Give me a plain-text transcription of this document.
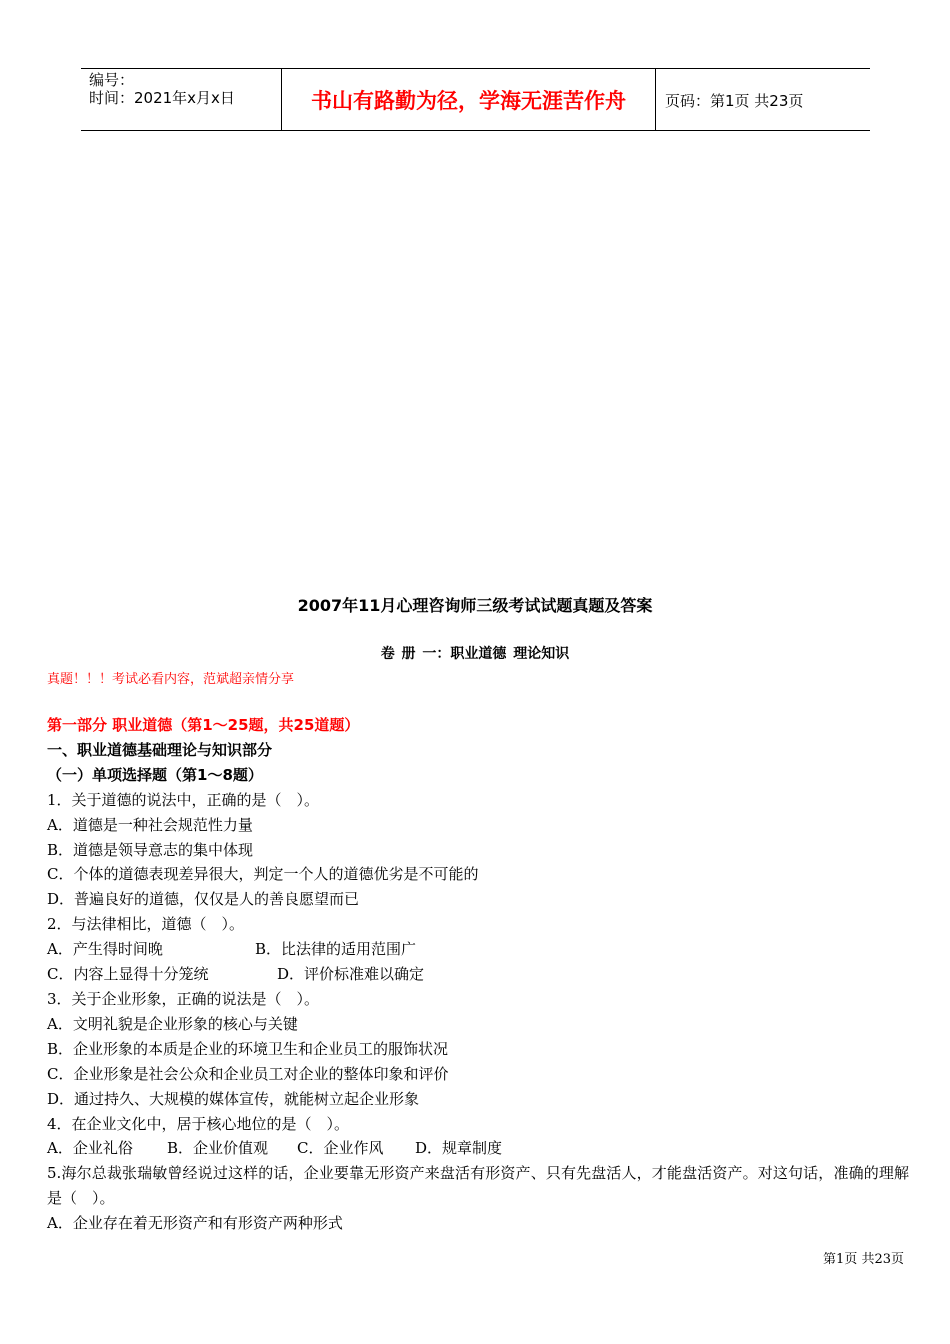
编号：
时间：2021年x月x日	书山有路勤为径，学海无涯苦作舟	页码：第1页 共23页
2007年11月心理咨询师三级考试试题真题及答案
卷 册 一：职业道德 理论知识
真题！！！考试必看内容，范斌超亲情分享
第一部分 职业道德（第1～25题，共25道题）
一、职业道德基础理论与知识部分
（一）单项选择题（第1～8题）
1．关于道德的说法中，正确的是（　）。
A．道德是一种社会规范性力量
B．道德是领导意志的集中体现
C．个体的道德表现差异很大，判定一个人的道德优劣是不可能的
D．普遍良好的道德，仅仅是人的善良愿望而已
2．与法律相比，道德（　）。
A．产生得时间晚	B．比法律的适用范围广
C．内容上显得十分笼统	D．评价标准难以确定
3．关于企业形象，正确的说法是（　）。
A．文明礼貌是企业形象的核心与关键
B．企业形象的本质是企业的环境卫生和企业员工的服饰状况
C．企业形象是社会公众和企业员工对企业的整体印象和评价
D．通过持久、大规模的媒体宣传，就能树立起企业形象
4．在企业文化中，居于核心地位的是（　）。
A．企业礼俗 B．企业价值观 C．企业作风 D．规章制度
5.海尔总裁张瑞敏曾经说过这样的话，企业要靠无形资产来盘活有形资产、只有先盘活人，才能盘活资产。对这句话，准确的理解是（　）。
A．企业存在着无形资产和有形资产两种形式
第1页 共23页
